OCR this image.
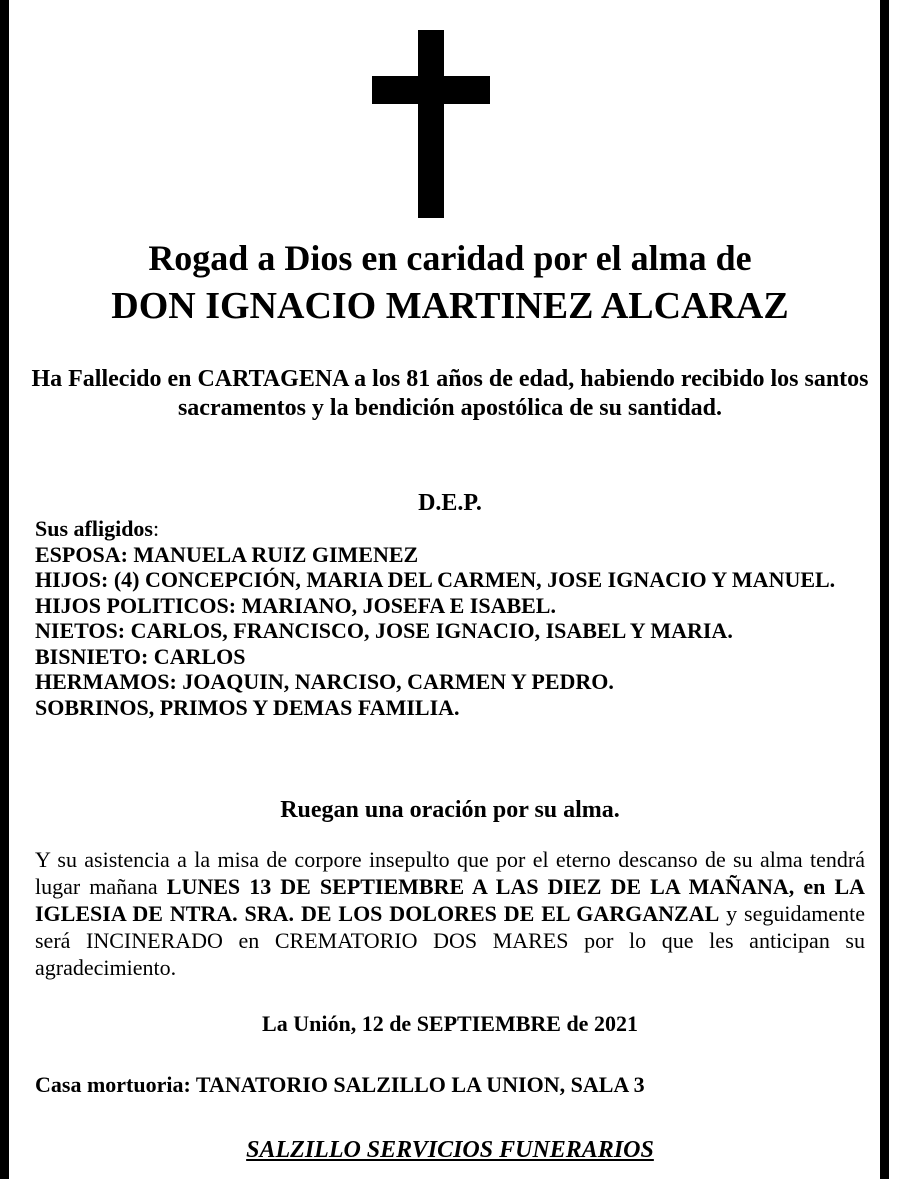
Rogad a Dios en caridad por el alma de
DON IGNACIO MARTINEZ ALCARAZ
Ha Fallecido en CARTAGENA a los 81 años de edad, habiendo recibido los santos sacramentos y la bendición apostólica de su santidad.
D.E.P.
Sus afligidos:
ESPOSA: MANUELA RUIZ GIMENEZ
HIJOS: (4) CONCEPCIÓN, MARIA DEL CARMEN, JOSE IGNACIO Y MANUEL.
HIJOS POLITICOS: MARIANO, JOSEFA E ISABEL.
NIETOS: CARLOS, FRANCISCO, JOSE IGNACIO, ISABEL Y MARIA.
BISNIETO: CARLOS
HERMAMOS: JOAQUIN, NARCISO, CARMEN Y PEDRO.
SOBRINOS, PRIMOS Y DEMAS FAMILIA.
Ruegan una oración por su alma.
Y su asistencia a la misa de corpore insepulto que por el eterno descanso de su alma tendrá lugar mañana LUNES 13 DE SEPTIEMBRE A LAS DIEZ DE LA MAÑANA, en LA IGLESIA DE NTRA. SRA. DE LOS DOLORES DE EL GARGANZAL y seguidamente será INCINERADO en CREMATORIO DOS MARES por lo que les anticipan su agradecimiento.
La Unión, 12 de SEPTIEMBRE de 2021
Casa mortuoria: TANATORIO SALZILLO LA UNION, SALA 3
SALZILLO SERVICIOS FUNERARIOS
